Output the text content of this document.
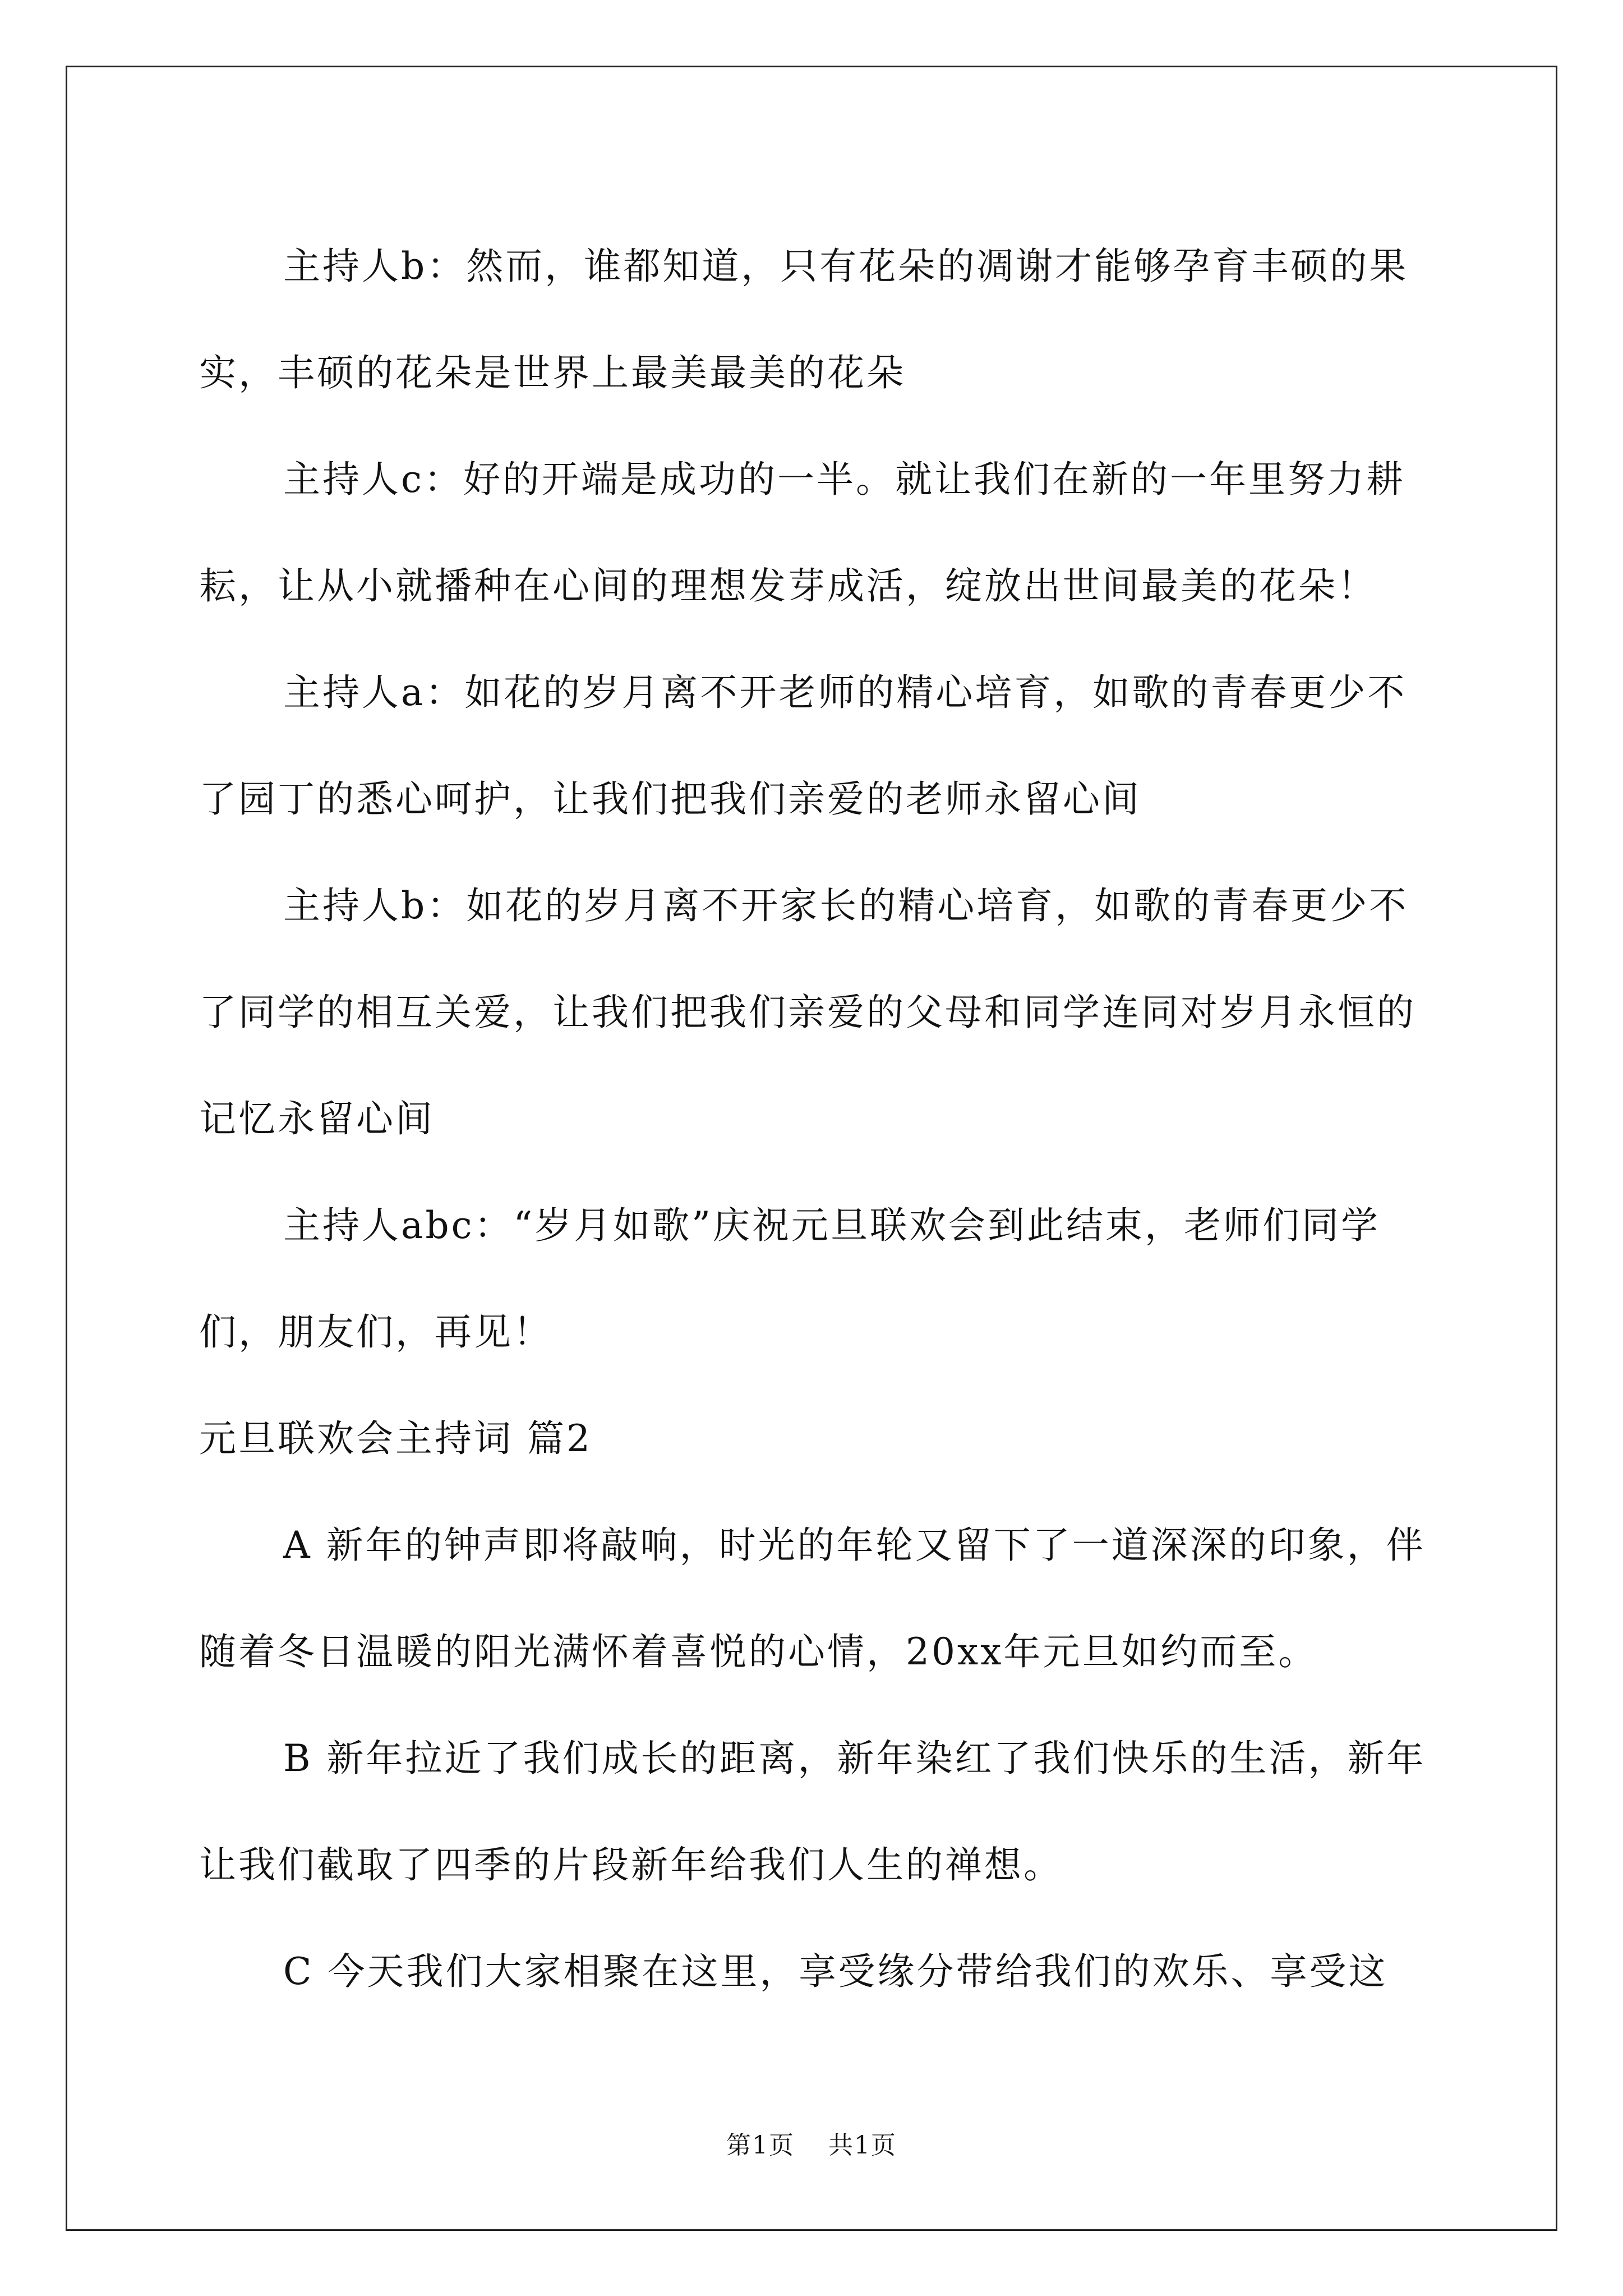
主持人b：然而，谁都知道，只有花朵的凋谢才能够孕育丰硕的果实，丰硕的花朵是世界上最美最美的花朵

主持人c：好的开端是成功的一半。就让我们在新的一年里努力耕耘，让从小就播种在心间的理想发芽成活，绽放出世间最美的花朵！

主持人a：如花的岁月离不开老师的精心培育，如歌的青春更少不了园丁的悉心呵护，让我们把我们亲爱的老师永留心间

主持人b：如花的岁月离不开家长的精心培育，如歌的青春更少不了同学的相互关爱，让我们把我们亲爱的父母和同学连同对岁月永恒的记忆永留心间

主持人abc：“岁月如歌”庆祝元旦联欢会到此结束，老师们同学们，朋友们，再见！

元旦联欢会主持词 篇2

A 新年的钟声即将敲响，时光的年轮又留下了一道深深的印象，伴随着冬日温暖的阳光满怀着喜悦的心情，20xx年元旦如约而至。

B 新年拉近了我们成长的距离，新年染红了我们快乐的生活，新年让我们截取了四季的片段新年给我们人生的禅想。

C 今天我们大家相聚在这里，享受缘分带给我们的欢乐、享受这

第1页 共1页
